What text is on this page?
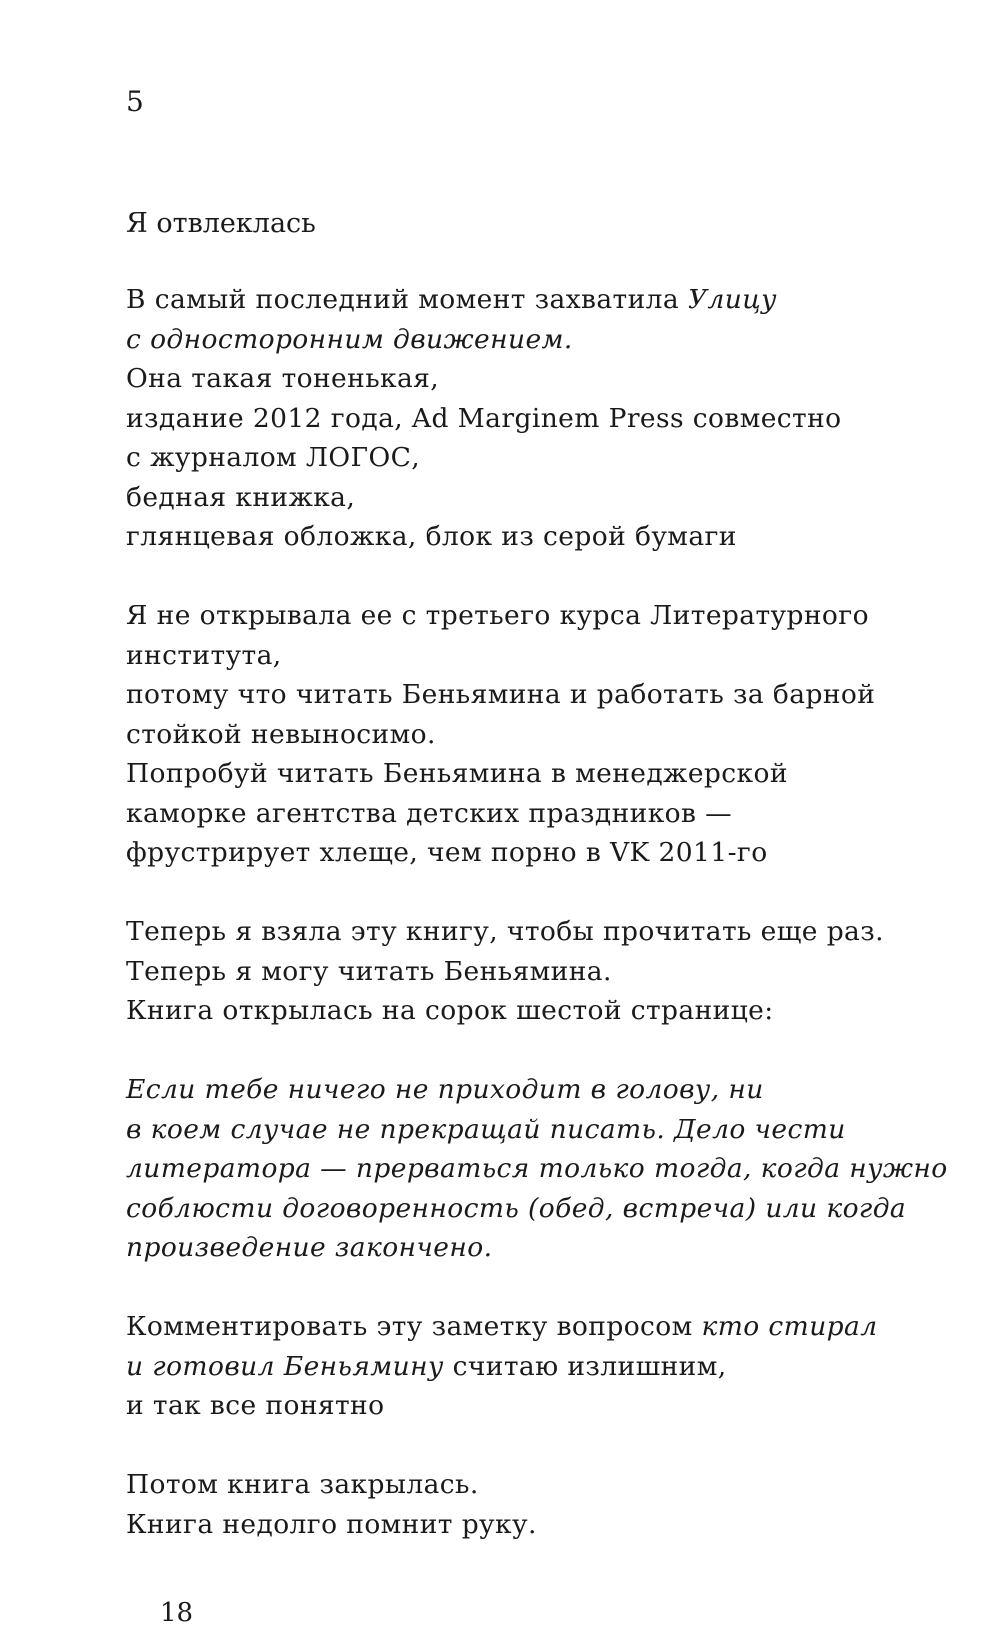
5

Я отвлеклась

В самый последний момент захватила Улицу
с односторонним движением.
Она такая тоненькая,
издание 2012 года, Ad Marginem Press совместно
с журналом ЛОГОС,
бедная книжка,
глянцевая обложка, блок из серой бумаги

Я не открывала ее с третьего курса Литературного
института,
потому что читать Беньямина и работать за барной
стойкой невыносимо.
Попробуй читать Беньямина в менеджерской
каморке агентства детских праздников —
фрустрирует хлеще, чем порно в VK 2011-го

Теперь я взяла эту книгу, чтобы прочитать еще раз.
Теперь я могу читать Беньямина.
Книга открылась на сорок шестой странице:

Если тебе ничего не приходит в голову, ни
в коем случае не прекращай писать. Дело чести
литератора — прерваться только тогда, когда нужно
соблюсти договоренность (обед, встреча) или когда
произведение закончено.

Комментировать эту заметку вопросом кто стирал
и готовил Беньямину считаю излишним,
и так все понятно

Потом книга закрылась.
Книга недолго помнит руку.

18
